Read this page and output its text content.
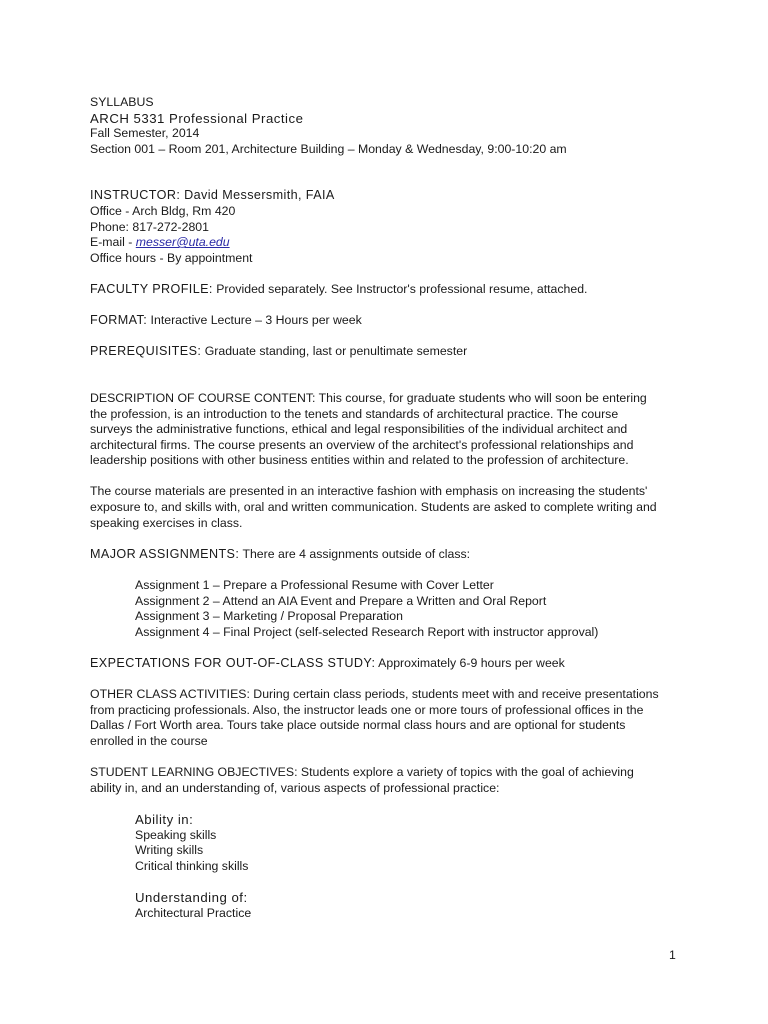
SYLLABUS
ARCH 5331 Professional Practice
Fall Semester, 2014
Section 001 – Room 201, Architecture Building – Monday & Wednesday, 9:00-10:20 am
INSTRUCTOR: David Messersmith, FAIA
Office - Arch Bldg, Rm 420
Phone: 817-272-2801
E-mail - messer@uta.edu
Office hours - By appointment
FACULTY PROFILE: Provided separately. See Instructor's professional resume, attached.
FORMAT: Interactive Lecture – 3 Hours per week
PREREQUISITES: Graduate standing, last or penultimate semester
DESCRIPTION OF COURSE CONTENT: This course, for graduate students who will soon be entering
the profession, is an introduction to the tenets and standards of architectural practice. The course
surveys the administrative functions, ethical and legal responsibilities of the individual architect and
architectural firms. The course presents an overview of the architect's professional relationships and
leadership positions with other business entities within and related to the profession of architecture.
The course materials are presented in an interactive fashion with emphasis on increasing the students'
exposure to, and skills with, oral and written communication. Students are asked to complete writing and
speaking exercises in class.
MAJOR ASSIGNMENTS: There are 4 assignments outside of class:
Assignment 1 – Prepare a Professional Resume with Cover Letter
Assignment 2 – Attend an AIA Event and Prepare a Written and Oral Report
Assignment 3 – Marketing / Proposal Preparation
Assignment 4 – Final Project (self-selected Research Report with instructor approval)
EXPECTATIONS FOR OUT-OF-CLASS STUDY: Approximately 6-9 hours per week
OTHER CLASS ACTIVITIES: During certain class periods, students meet with and receive presentations
from practicing professionals. Also, the instructor leads one or more tours of professional offices in the
Dallas / Fort Worth area. Tours take place outside normal class hours and are optional for students
enrolled in the course
STUDENT LEARNING OBJECTIVES: Students explore a variety of topics with the goal of achieving
ability in, and an understanding of, various aspects of professional practice:
Ability in:
Speaking skills
Writing skills
Critical thinking skills
Understanding of:
Architectural Practice
1
